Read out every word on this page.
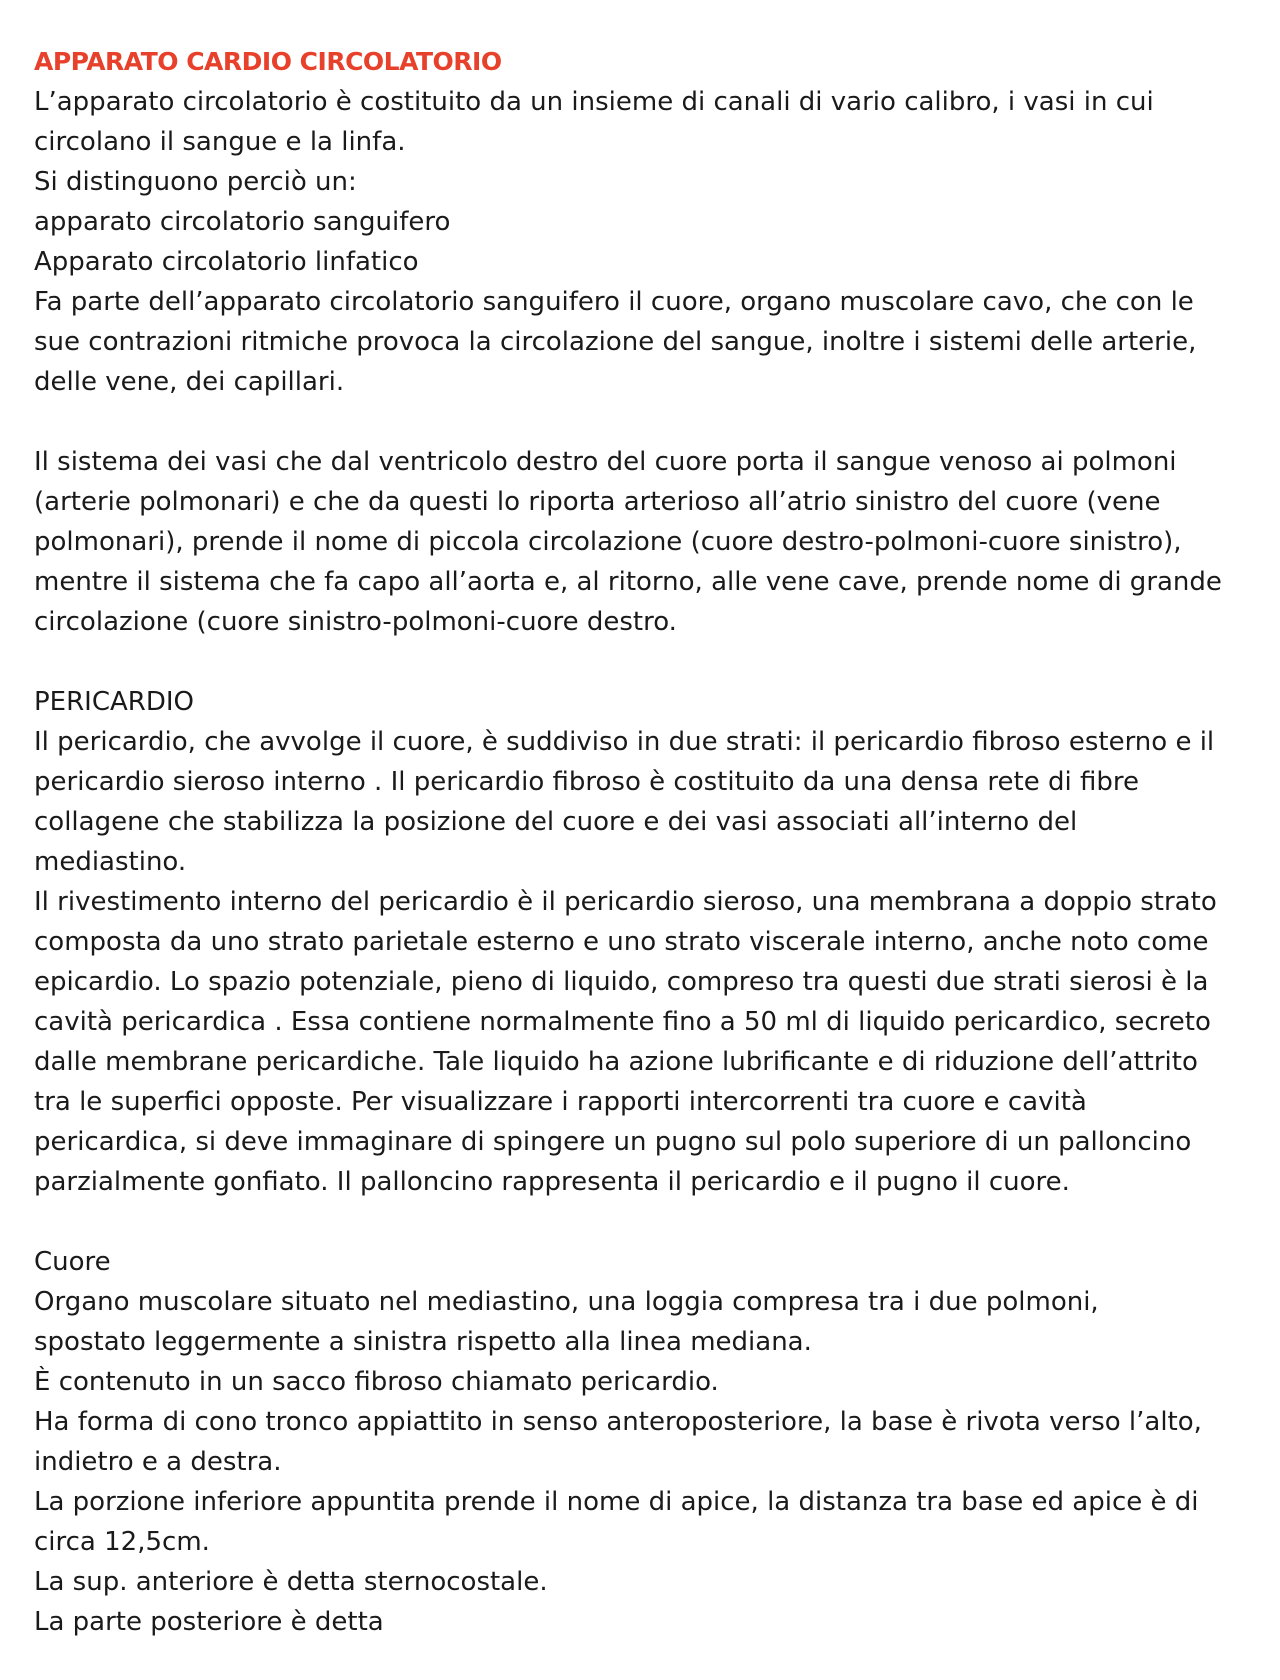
APPARATO CARDIO CIRCOLATORIO
L’apparato circolatorio è costituito da un insieme di canali di vario calibro, i vasi in cui
circolano il sangue e la linfa.
Si distinguono perciò un:
apparato circolatorio sanguifero
Apparato circolatorio linfatico
Fa parte dell’apparato circolatorio sanguifero il cuore, organo muscolare cavo, che con le
sue contrazioni ritmiche provoca la circolazione del sangue, inoltre i sistemi delle arterie,
delle vene, dei capillari.
Il sistema dei vasi che dal ventricolo destro del cuore porta il sangue venoso ai polmoni
(arterie polmonari) e che da questi lo riporta arterioso all’atrio sinistro del cuore (vene
polmonari), prende il nome di piccola circolazione (cuore destro-polmoni-cuore sinistro),
mentre il sistema che fa capo all’aorta e, al ritorno, alle vene cave, prende nome di grande
circolazione (cuore sinistro-polmoni-cuore destro.
PERICARDIO
Il pericardio, che avvolge il cuore, è suddiviso in due strati: il pericardio fibroso esterno e il
pericardio sieroso interno . Il pericardio fibroso è costituito da una densa rete di fibre
collagene che stabilizza la posizione del cuore e dei vasi associati all’interno del
mediastino.
Il rivestimento interno del pericardio è il pericardio sieroso, una membrana a doppio strato
composta da uno strato parietale esterno e uno strato viscerale interno, anche noto come
epicardio. Lo spazio potenziale, pieno di liquido, compreso tra questi due strati sierosi è la
cavità pericardica . Essa contiene normalmente fino a 50 ml di liquido pericardico, secreto
dalle membrane pericardiche. Tale liquido ha azione lubrificante e di riduzione dell’attrito
tra le superfici opposte. Per visualizzare i rapporti intercorrenti tra cuore e cavità
pericardica, si deve immaginare di spingere un pugno sul polo superiore di un palloncino
parzialmente gonfiato. Il palloncino rappresenta il pericardio e il pugno il cuore.
Cuore
Organo muscolare situato nel mediastino, una loggia compresa tra i due polmoni,
spostato leggermente a sinistra rispetto alla linea mediana.
È contenuto in un sacco fibroso chiamato pericardio.
Ha forma di cono tronco appiattito in senso anteroposteriore, la base è rivota verso l’alto,
indietro e a destra.
La porzione inferiore appuntita prende il nome di apice, la distanza tra base ed apice è di
circa 12,5cm.
La sup. anteriore è detta sternocostale.
La parte posteriore è detta
